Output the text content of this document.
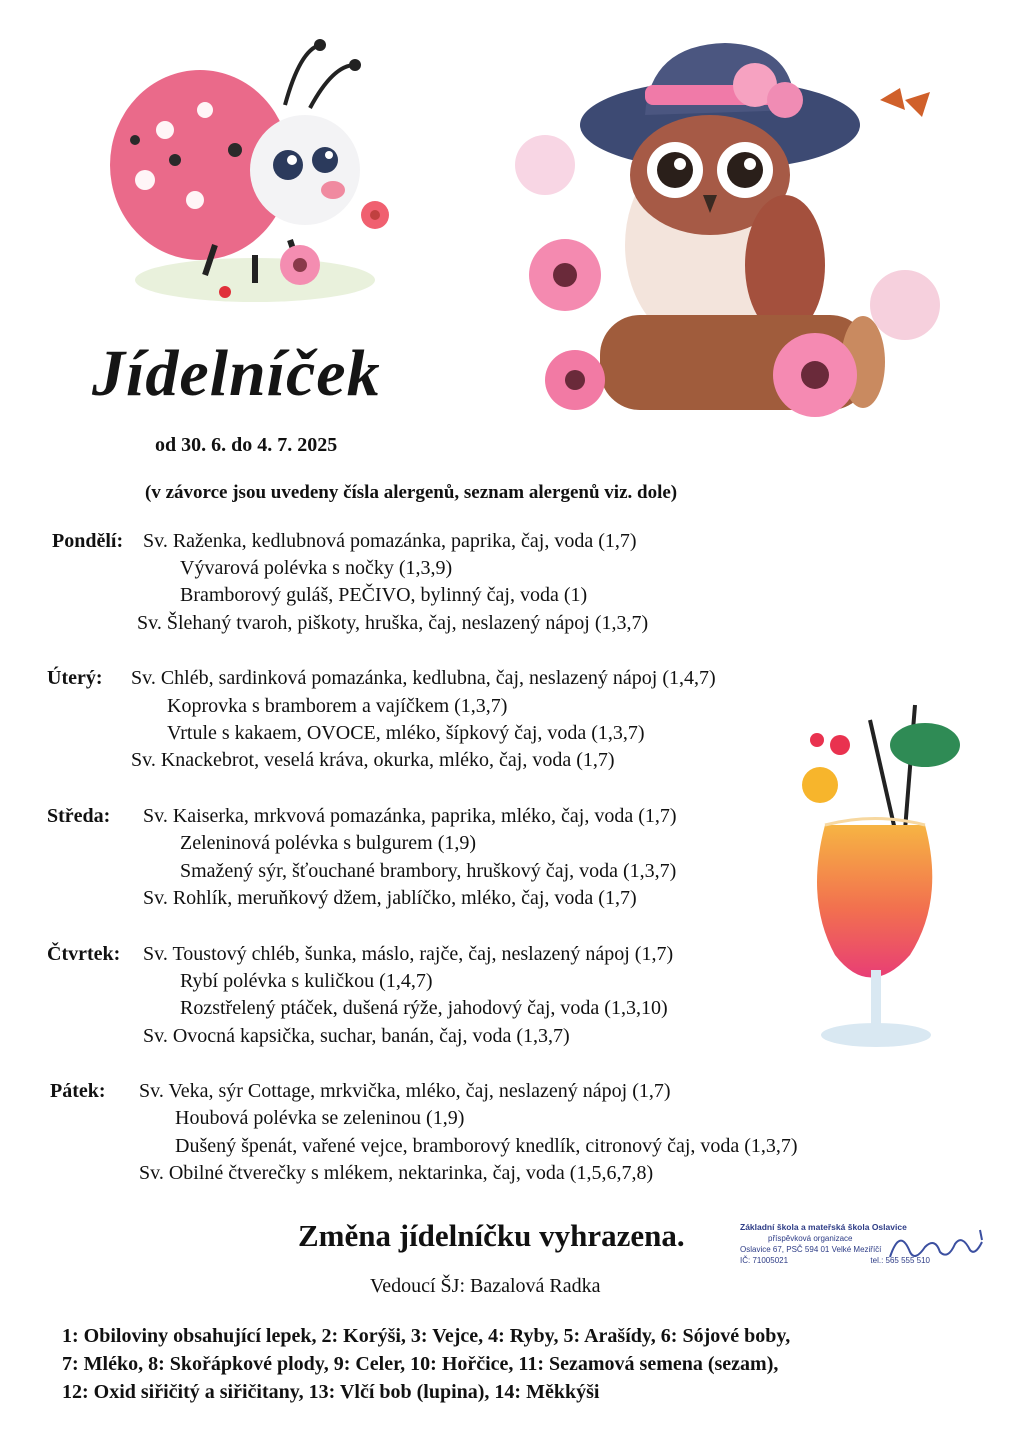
Jídelníček
od 30. 6. do 4. 7. 2025
(v závorce jsou uvedeny čísla alergenů, seznam alergenů viz. dole)
Pondělí: Sv. Raženka, kedlubnová pomazánka, paprika, čaj, voda (1,7)
Vývarová polévka s nočky (1,3,9)
Bramborový guláš, PEČIVO, bylinný čaj, voda (1)
Sv. Šlehaný tvaroh, piškoty, hruška, čaj, neslazený nápoj (1,3,7)
Úterý: Sv. Chléb, sardinková pomazánka, kedlubna, čaj, neslazený nápoj (1,4,7)
Koprovka s bramborem a vajíčkem (1,3,7)
Vrtule s kakaem, OVOCE, mléko, šípkový čaj, voda (1,3,7)
Sv. Knackebrot, veselá kráva, okurka, mléko, čaj, voda (1,7)
Středa: Sv. Kaiserka, mrkvová pomazánka, paprika, mléko, čaj, voda (1,7)
Zeleninová polévka s bulgurem (1,9)
Smažený sýr, šťouchané brambory, hruškový čaj, voda (1,3,7)
Sv. Rohlík, meruňkový džem, jablíčko, mléko, čaj, voda (1,7)
Čtvrtek: Sv. Toustový chléb, šunka, máslo, rajče, čaj, neslazený nápoj (1,7)
Rybí polévka s kuličkou (1,4,7)
Rozstřelený ptáček, dušená rýže, jahodový čaj, voda (1,3,10)
Sv. Ovocná kapsička, suchar, banán, čaj, voda (1,3,7)
Pátek: Sv. Veka, sýr Cottage, mrkvička, mléko, čaj, neslazený nápoj (1,7)
Houbová polévka se zeleninou (1,9)
Dušený špenát, vařené vejce, bramborový knedlík, citronový čaj, voda (1,3,7)
Sv. Obilné čtverečky s mlékem, nektarinka, čaj, voda (1,5,6,7,8)
Změna jídelníčku vyhrazena.
Vedoucí ŠJ: Bazalová Radka
Základní škola a mateřská škola Oslavice
příspěvková organizace
Oslavice 67, PSČ 594 01 Velké Meziříčí
IČ: 71005021	tel.: 565 555 510
1: Obiloviny obsahující lepek, 2: Korýši, 3: Vejce, 4: Ryby, 5: Arašídy, 6: Sójové boby,
7: Mléko, 8: Skořápkové plody, 9: Celer, 10: Hořčice, 11: Sezamová semena (sezam),
12: Oxid siřičitý a siřičitany, 13: Vlčí bob (lupina), 14: Měkkýši
